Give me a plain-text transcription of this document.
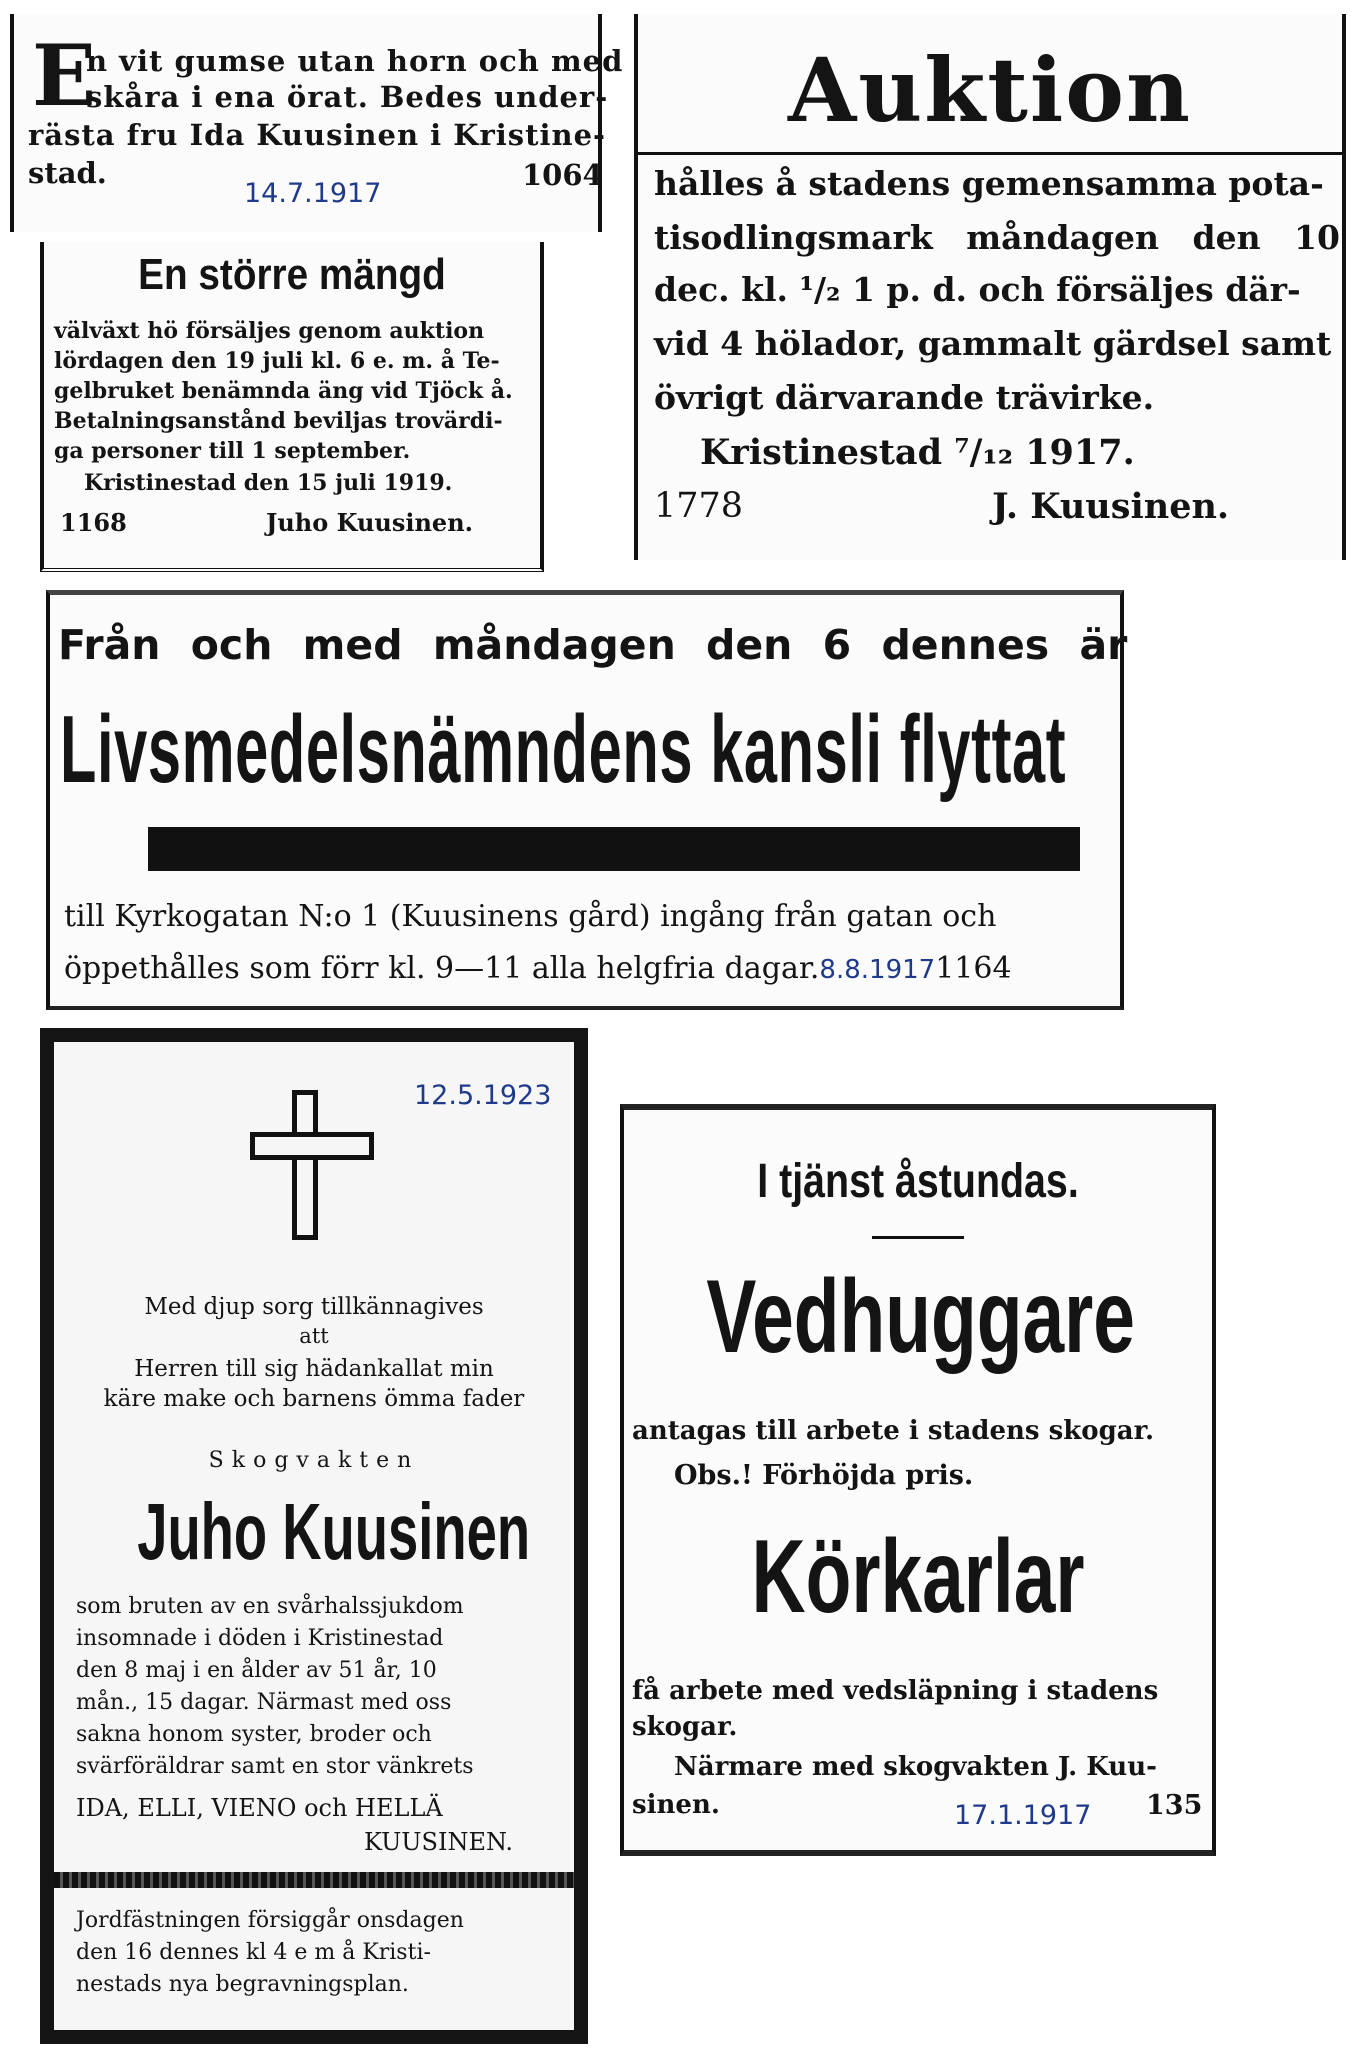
E
n vit gumse utan horn och med
skåra i ena örat. Bedes under-
rästa fru Ida Kuusinen i Kristine-
stad.
14.7.1917
1064
Auktion
hålles å stadens gemensamma pota-
tisodlingsmark måndagen den 10
dec. kl. ¹/₂ 1 p. d. och försäljes där-
vid 4 hölador, gammalt gärdsel samt
övrigt därvarande trävirke.
Kristinestad ⁷/₁₂ 1917.
1778	J. Kuusinen.
En större mängd
välväxt hö försäljes genom auktion
lördagen den 19 juli kl. 6 e. m. å Te-
gelbruket benämnda äng vid Tjöck å.
Betalningsanstånd beviljas trovärdi-
ga personer till 1 september.
Kristinestad den 15 juli 1919.
1168	Juho Kuusinen.
Från och med måndagen den 6 dennes är
Livsmedelsnämndens kansli flyttat
till Kyrkogatan N:o 1 (Kuusinens gård) ingång från gatan och
öppethålles som förr kl. 9—11 alla helgfria dagar.8.8.19171164
12.5.1923
Med djup sorg tillkännagives
att
Herren till sig hädankallat min
käre make och barnens ömma fader
Skogvakten
Juho Kuusinen
som bruten av en svårhalssjukdom
insomnade i döden i Kristinestad
den 8 maj i en ålder av 51 år, 10
mån., 15 dagar. Närmast med oss
sakna honom syster, broder och
svärföräldrar samt en stor vänkrets
IDA, ELLI, VIENO och HELLÄ
KUUSINEN.
Jordfästningen försiggår onsdagen
den 16 dennes kl 4 e m å Kristi-
nestads nya begravningsplan.
I tjänst åstundas.
Vedhuggare
antagas till arbete i stadens skogar.
Obs.! Förhöjda pris.
Körkarlar
få arbete med vedsläpning i stadens
skogar.
Närmare med skogvakten J. Kuu-
sinen.	17.1.1917 135
